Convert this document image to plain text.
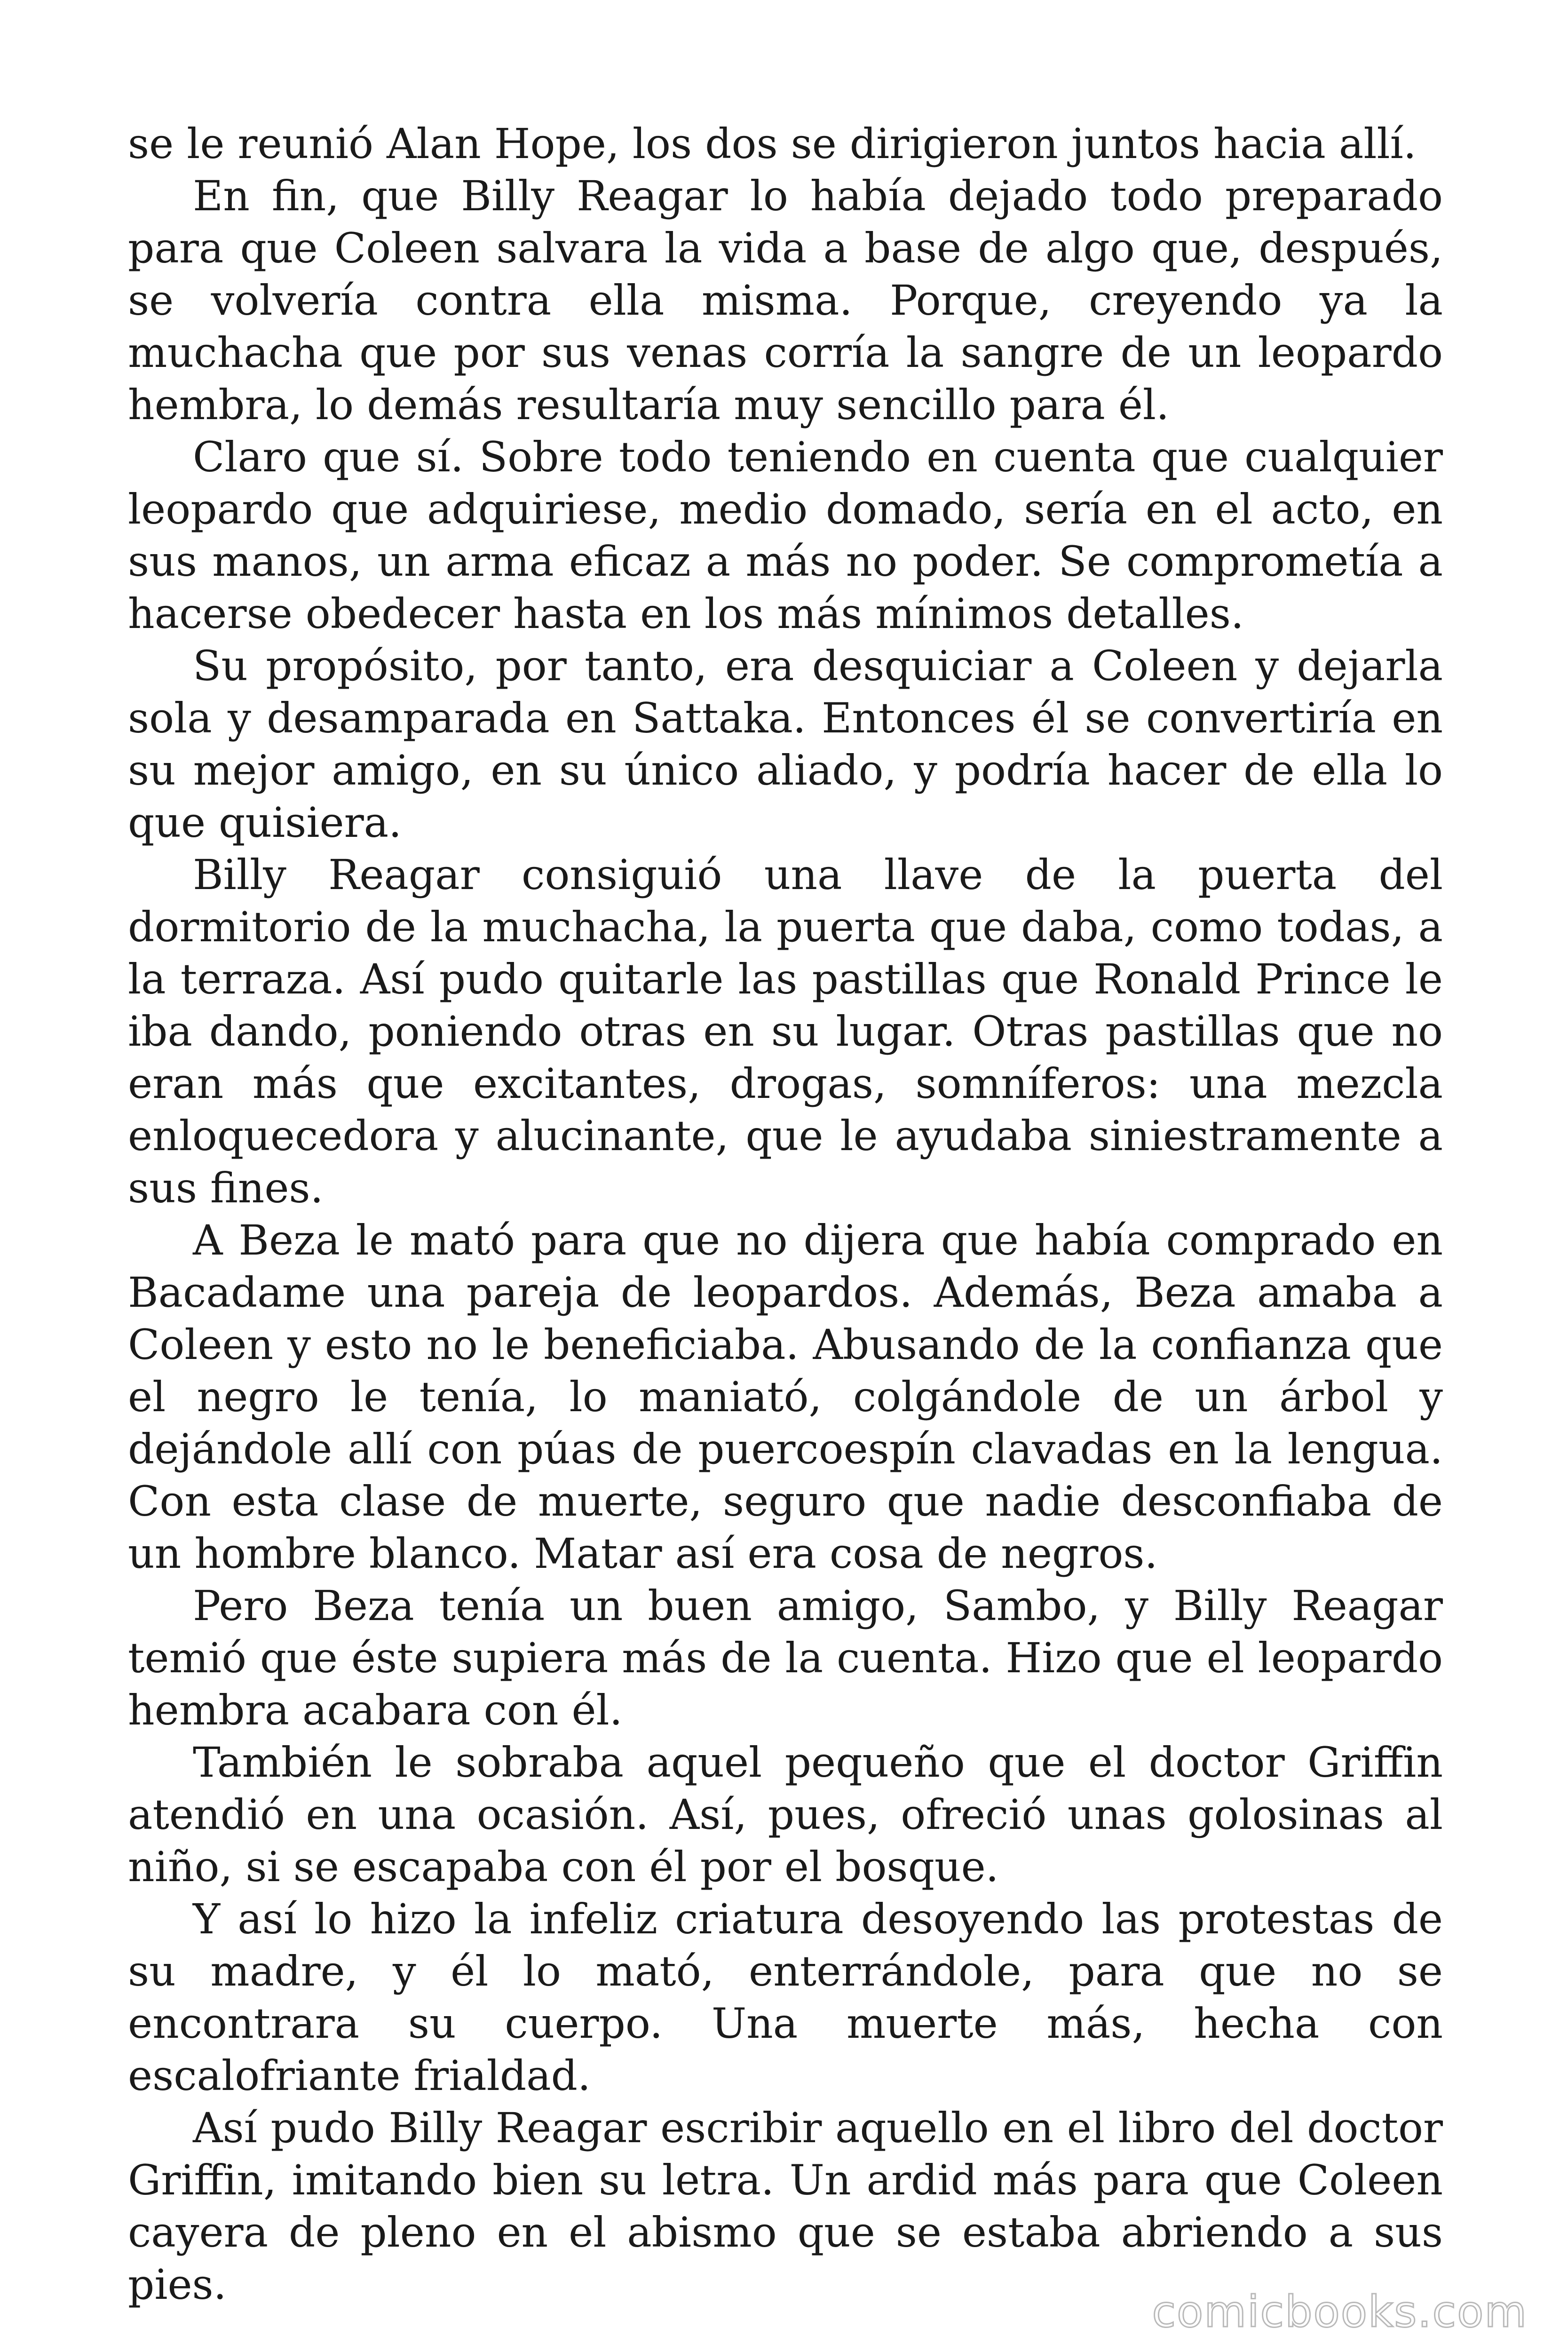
se le reunió Alan Hope, los dos se dirigieron juntos hacia allí.

En fin, que Billy Reagar lo había dejado todo preparado para que Coleen salvara la vida a base de algo que, después, se volvería contra ella misma. Porque, creyendo ya la muchacha que por sus venas corría la sangre de un leopardo hembra, lo demás resultaría muy sencillo para él.

Claro que sí. Sobre todo teniendo en cuenta que cualquier leopardo que adquiriese, medio domado, sería en el acto, en sus manos, un arma eficaz a más no poder. Se comprometía a hacerse obedecer hasta en los más mínimos detalles.

Su propósito, por tanto, era desquiciar a Coleen y dejarla sola y desamparada en Sattaka. Entonces él se convertiría en su mejor amigo, en su único aliado, y podría hacer de ella lo que quisiera.

Billy Reagar consiguió una llave de la puerta del dormitorio de la muchacha, la puerta que daba, como todas, a la terraza. Así pudo quitarle las pastillas que Ronald Prince le iba dando, poniendo otras en su lugar. Otras pastillas que no eran más que excitantes, drogas, somníferos: una mezcla enloquecedora y alucinante, que le ayudaba siniestramente a sus fines.

A Beza le mató para que no dijera que había comprado en Bacadame una pareja de leopardos. Además, Beza amaba a Coleen y esto no le beneficiaba. Abusando de la confianza que el negro le tenía, lo maniató, colgándole de un árbol y dejándole allí con púas de puercoespín clavadas en la lengua. Con esta clase de muerte, seguro que nadie desconfiaba de un hombre blanco. Matar así era cosa de negros.

Pero Beza tenía un buen amigo, Sambo, y Billy Reagar temió que éste supiera más de la cuenta. Hizo que el leopardo hembra acabara con él.

También le sobraba aquel pequeño que el doctor Griffin atendió en una ocasión. Así, pues, ofreció unas golosinas al niño, si se escapaba con él por el bosque.

Y así lo hizo la infeliz criatura desoyendo las protestas de su madre, y él lo mató, enterrándole, para que no se encontrara su cuerpo. Una muerte más, hecha con escalofriante frialdad.

Así pudo Billy Reagar escribir aquello en el libro del doctor Griffin, imitando bien su letra. Un ardid más para que Coleen cayera de pleno en el abismo que se estaba abriendo a sus pies.

comicbooks.com
